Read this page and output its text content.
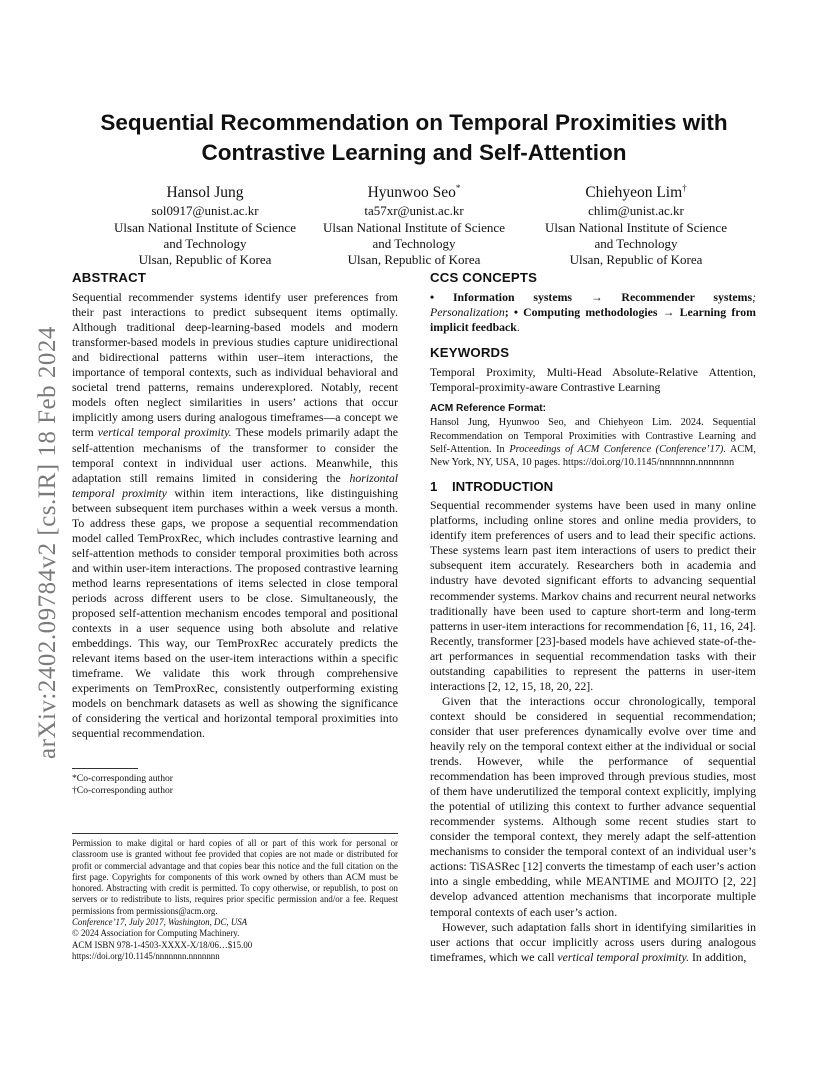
arXiv:2402.09784v2 [cs.IR] 18 Feb 2024
Sequential Recommendation on Temporal Proximities with
Contrastive Learning and Self-Attention
Hansol Jung
sol0917@unist.ac.kr
Ulsan National Institute of Science
and Technology
Ulsan, Republic of Korea
Hyunwoo Seo*
ta57xr@unist.ac.kr
Ulsan National Institute of Science
and Technology
Ulsan, Republic of Korea
Chiehyeon Lim†
chlim@unist.ac.kr
Ulsan National Institute of Science
and Technology
Ulsan, Republic of Korea
ABSTRACT

Sequential recommender systems identify user preferences from their past interactions to predict subsequent items optimally. Although traditional deep-learning-based models and modern transformer-based models in previous studies capture unidirectional and bidirectional patterns within user–item interactions, the importance of temporal contexts, such as individual behavioral and societal trend patterns, remains underexplored. Notably, recent models often neglect similarities in users’ actions that occur implicitly among users during analogous timeframes—a concept we term vertical temporal proximity. These models primarily adapt the self-attention mechanisms of the transformer to consider the temporal context in individual user actions. Meanwhile, this adaptation still remains limited in considering the horizontal temporal proximity within item interactions, like distinguishing between subsequent item purchases within a week versus a month. To address these gaps, we propose a sequential recommendation model called TemProxRec, which includes contrastive learning and self-attention methods to consider temporal proximities both across and within user-item interactions. The proposed contrastive learning method learns representations of items selected in close temporal periods across different users to be close. Simultaneously, the proposed self-attention mechanism encodes temporal and positional contexts in a user sequence using both absolute and relative embeddings. This way, our TemProxRec accurately predicts the relevant items based on the user-item interactions within a specific timeframe. We validate this work through comprehensive experiments on TemProxRec, consistently outperforming existing models on benchmark datasets as well as showing the significance of considering the vertical and horizontal temporal proximities into sequential recommendation.

*Co-corresponding author
†Co-corresponding author

Permission to make digital or hard copies of all or part of this work for personal or classroom use is granted without fee provided that copies are not made or distributed for profit or commercial advantage and that copies bear this notice and the full citation on the first page. Copyrights for components of this work owned by others than ACM must be honored. Abstracting with credit is permitted. To copy otherwise, or republish, to post on servers or to redistribute to lists, requires prior specific permission and/or a fee. Request permissions from permissions@acm.org.

Conference’17, July 2017, Washington, DC, USA
© 2024 Association for Computing Machinery.
ACM ISBN 978-1-4503-XXXX-X/18/06…$15.00
https://doi.org/10.1145/nnnnnnn.nnnnnnn
CCS CONCEPTS

• Information systems → Recommender systems; Personalization; • Computing methodologies → Learning from implicit feedback.

KEYWORDS

Temporal Proximity, Multi-Head Absolute-Relative Attention, Temporal-proximity-aware Contrastive Learning

ACM Reference Format:

Hansol Jung, Hyunwoo Seo, and Chiehyeon Lim. 2024. Sequential Recommendation on Temporal Proximities with Contrastive Learning and Self-Attention. In Proceedings of ACM Conference (Conference’17). ACM, New York, NY, USA, 10 pages. https://doi.org/10.1145/nnnnnnn.nnnnnnn

1 INTRODUCTION

Sequential recommender systems have been used in many online platforms, including online stores and online media providers, to identify item preferences of users and to lead their specific actions. These systems learn past item interactions of users to predict their subsequent item accurately. Researchers both in academia and industry have devoted significant efforts to advancing sequential recommender systems. Markov chains and recurrent neural networks traditionally have been used to capture short-term and long-term patterns in user-item interactions for recommendation [6, 11, 16, 24]. Recently, transformer [23]-based models have achieved state-of-the-art performances in sequential recommendation tasks with their outstanding capabilities to represent the patterns in user-item interactions [2, 12, 15, 18, 20, 22].

Given that the interactions occur chronologically, temporal context should be considered in sequential recommendation; consider that user preferences dynamically evolve over time and heavily rely on the temporal context either at the individual or social trends. However, while the performance of sequential recommendation has been improved through previous studies, most of them have underutilized the temporal context explicitly, implying the potential of utilizing this context to further advance sequential recommender systems. Although some recent studies start to consider the temporal context, they merely adapt the self-attention mechanisms to consider the temporal context of an individual user’s actions: TiSASRec [12] converts the timestamp of each user’s action into a single embedding, while MEANTIME and MOJITO [2, 22] develop advanced attention mechanisms that incorporate multiple temporal contexts of each user’s action.

However, such adaptation falls short in identifying similarities in user actions that occur implicitly across users during analogous timeframes, which we call vertical temporal proximity. In addition,
